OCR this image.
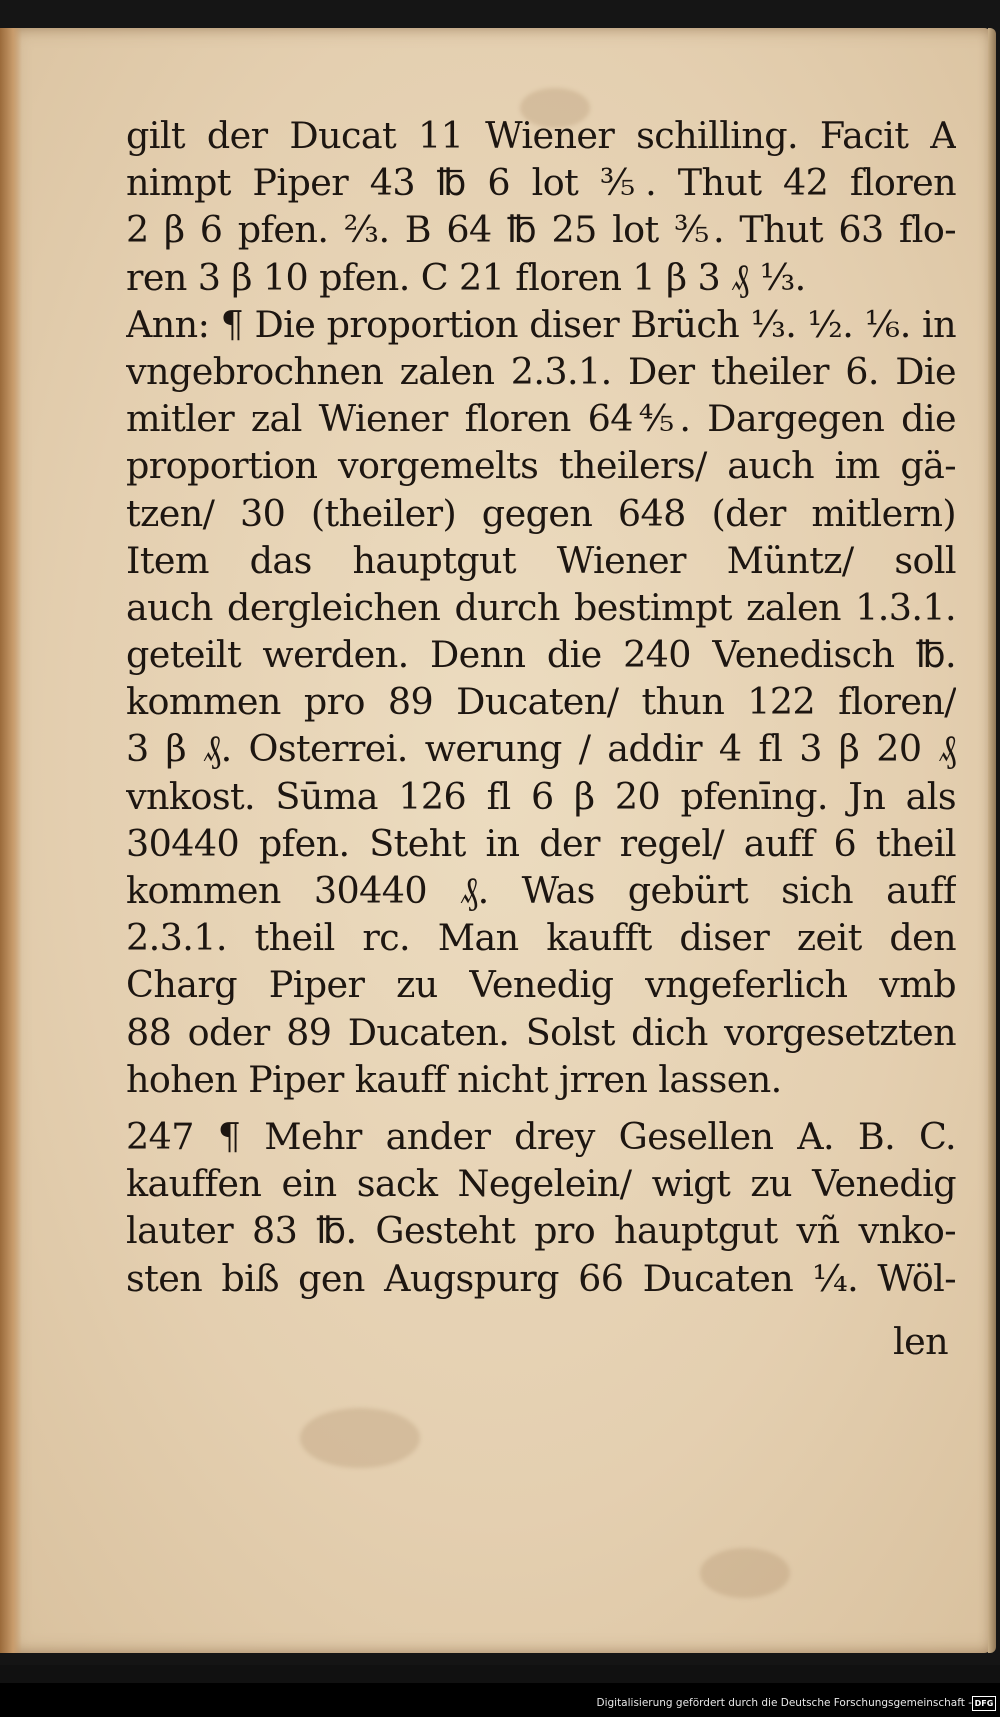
gilt der Ducat 11 Wiener schilling. Facit A
nimpt Piper 43 ℔ 6 lot ⅗. Thut 42 floren
2 β 6 pfen. ⅔. B 64 ℔ 25 lot ⅗. Thut 63 flo-
ren 3 β 10 pfen. C 21 floren 1 β 3 ₰ ⅓.
Ann: ¶ Die proportion diser Brüch ⅓. ½. ⅙. in
vngebrochnen zalen 2.3.1. Der theiler 6. Die
mitler zal Wiener floren 64⅘. Dargegen die
proportion vorgemelts theilers/ auch im gä-
tzen/ 30 (theiler) gegen 648 (der mitlern)
Item das hauptgut Wiener Müntz/ soll
auch dergleichen durch bestimpt zalen 1.3.1.
geteilt werden. Denn die 240 Venedisch ℔.
kommen pro 89 Ducaten/ thun 122 floren/
3 β ₰. Osterrei. werung / addir 4 fl 3 β 20 ₰
vnkost. Sūma 126 fl 6 β 20 pfenīng. Jn als
30440 pfen. Steht in der regel/ auff 6 theil
kommen 30440 ₰. Was gebürt sich auff
2.3.1. theil rc. Man kaufft diser zeit den
Charg Piper zu Venedig vngeferlich vmb
88 oder 89 Ducaten. Solst dich vorgesetzten
hohen Piper kauff nicht jrren lassen.
247 ¶ Mehr ander drey Gesellen A. B. C.
kauffen ein sack Negelein/ wigt zu Venedig
lauter 83 ℔. Gesteht pro hauptgut vñ vnko-
sten biß gen Augspurg 66 Ducaten ¼. Wöl-
len
Digitalisierung gefördert durch die Deutsche Forschungsgemeinschaft - DFG
